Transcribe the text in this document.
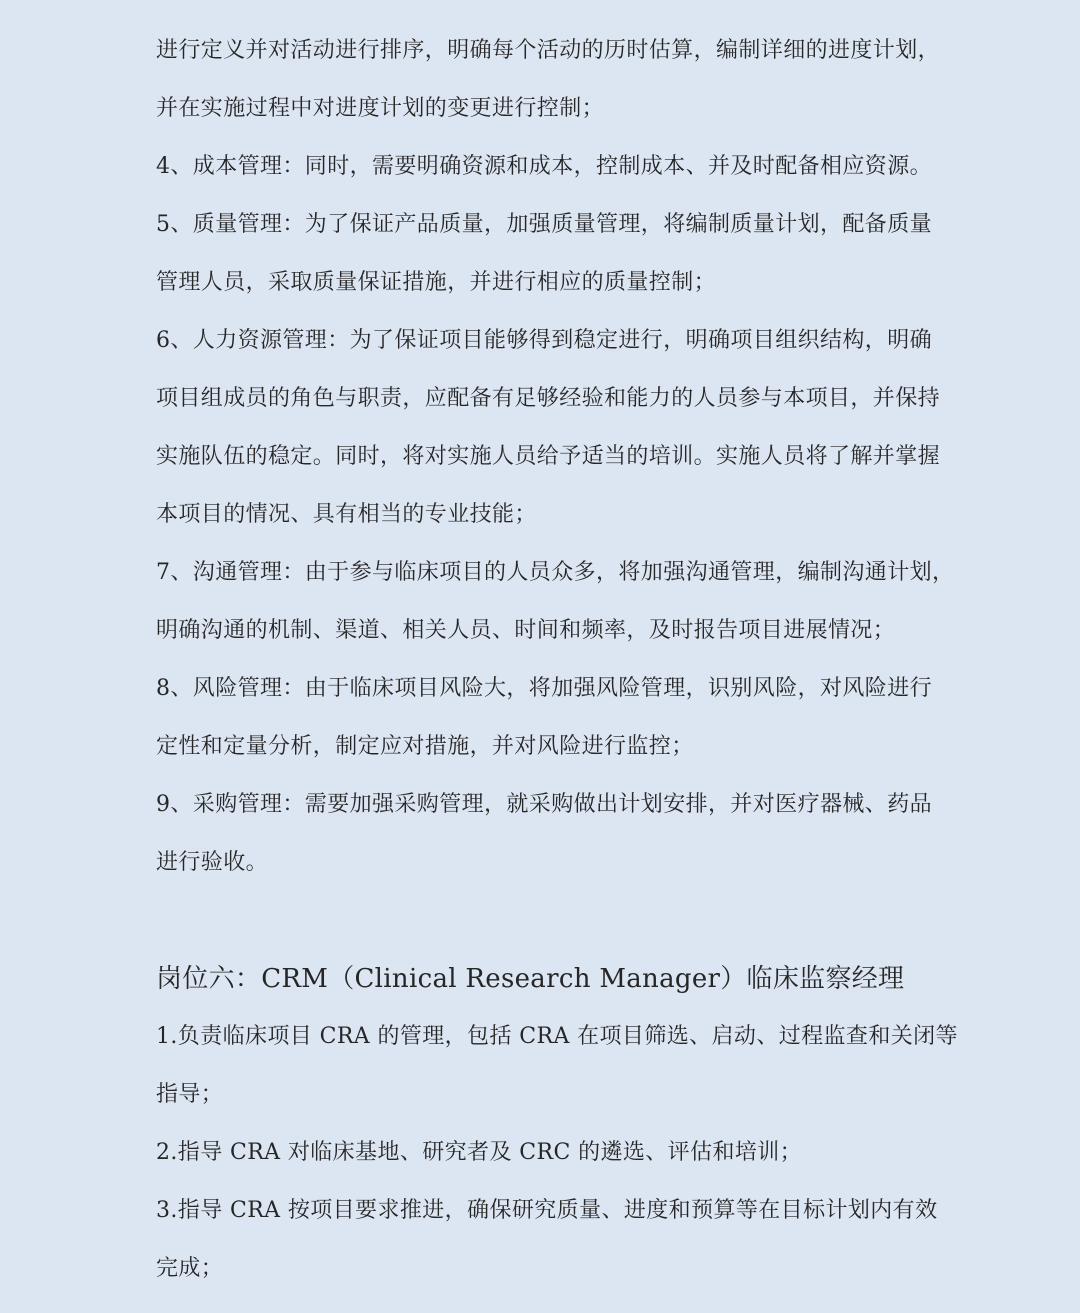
进行定义并对活动进行排序，明确每个活动的历时估算，编制详细的进度计划，

并在实施过程中对进度计划的变更进行控制；

4、成本管理：同时，需要明确资源和成本，控制成本、并及时配备相应资源。

5、质量管理：为了保证产品质量，加强质量管理，将编制质量计划，配备质量

管理人员，采取质量保证措施，并进行相应的质量控制；

6、人力资源管理：为了保证项目能够得到稳定进行，明确项目组织结构，明确

项目组成员的角色与职责，应配备有足够经验和能力的人员参与本项目，并保持

实施队伍的稳定。同时，将对实施人员给予适当的培训。实施人员将了解并掌握

本项目的情况、具有相当的专业技能；

7、沟通管理：由于参与临床项目的人员众多，将加强沟通管理，编制沟通计划，

明确沟通的机制、渠道、相关人员、时间和频率，及时报告项目进展情况；

8、风险管理：由于临床项目风险大，将加强风险管理，识别风险，对风险进行

定性和定量分析，制定应对措施，并对风险进行监控；

9、采购管理：需要加强采购管理，就采购做出计划安排，并对医疗器械、药品

进行验收。

岗位六：CRM（Clinical Research Manager）临床监察经理

1.负责临床项目 CRA 的管理，包括 CRA 在项目筛选、启动、过程监查和关闭等

指导；

2.指导 CRA 对临床基地、研究者及 CRC 的遴选、评估和培训；

3.指导 CRA 按项目要求推进，确保研究质量、进度和预算等在目标计划内有效

完成；
